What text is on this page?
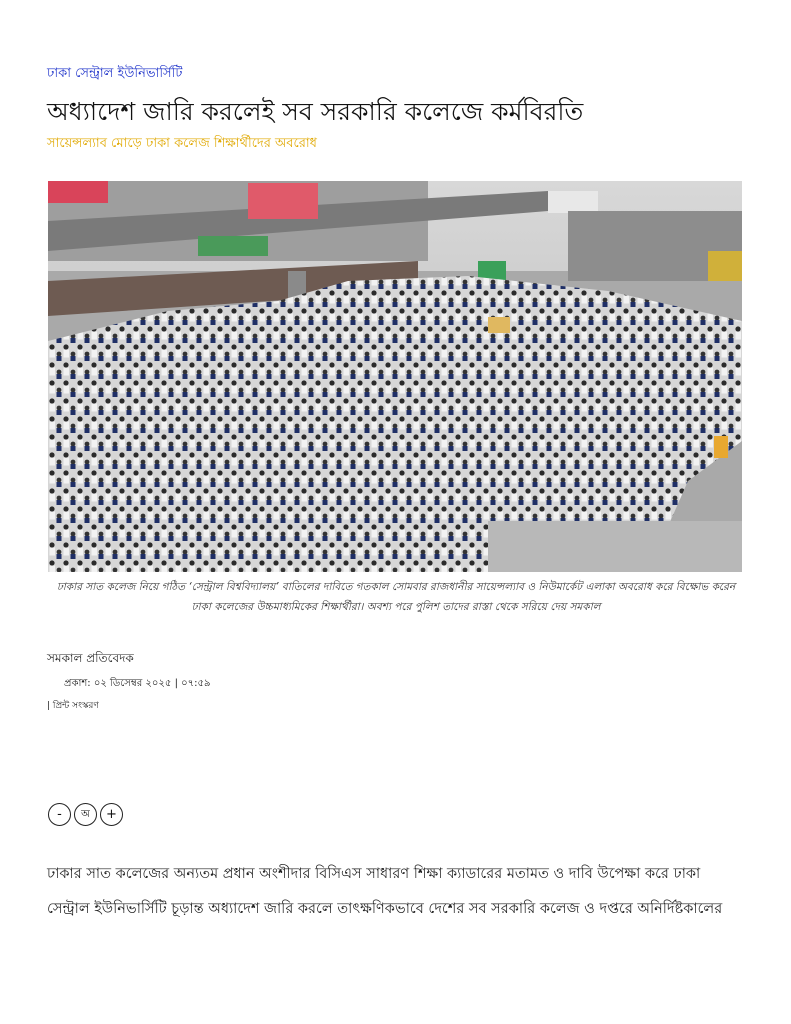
ঢাকা সেন্ট্রাল ইউনিভার্সিটি
অধ্যাদেশ জারি করলেই সব সরকারি কলেজে কর্মবিরতি
সায়েন্সল্যাব মোড়ে ঢাকা কলেজ শিক্ষার্থীদের অবরোধ
ঢাকার সাত কলেজ নিয়ে গঠিত ‘সেন্ট্রাল বিশ্ববিদ্যালয়’ বাতিলের দাবিতে গতকাল সোমবার রাজধানীর সায়েন্সল্যাব ও নিউমার্কেট এলাকা অবরোধ করে বিক্ষোভ করেন ঢাকা কলেজের উচ্চমাধ্যমিকের শিক্ষার্থীরা। অবশ্য পরে পুলিশ তাদের রাস্তা থেকে সরিয়ে দেয় সমকাল
সমকাল প্রতিবেদক
প্রকাশ: ০২ ডিসেম্বর ২০২৫ | ০৭:৫৯
| প্রিন্ট সংস্করণ
-	অ	+

ঢাকার সাত কলেজের অন্যতম প্রধান অংশীদার বিসিএস সাধারণ শিক্ষা ক্যাডারের মতামত ও দাবি উপেক্ষা করে ঢাকা

সেন্ট্রাল ইউনিভার্সিটি চূড়ান্ত অধ্যাদেশ জারি করলে তাৎক্ষণিকভাবে দেশের সব সরকারি কলেজ ও দপ্তরে অনির্দিষ্টকালের
